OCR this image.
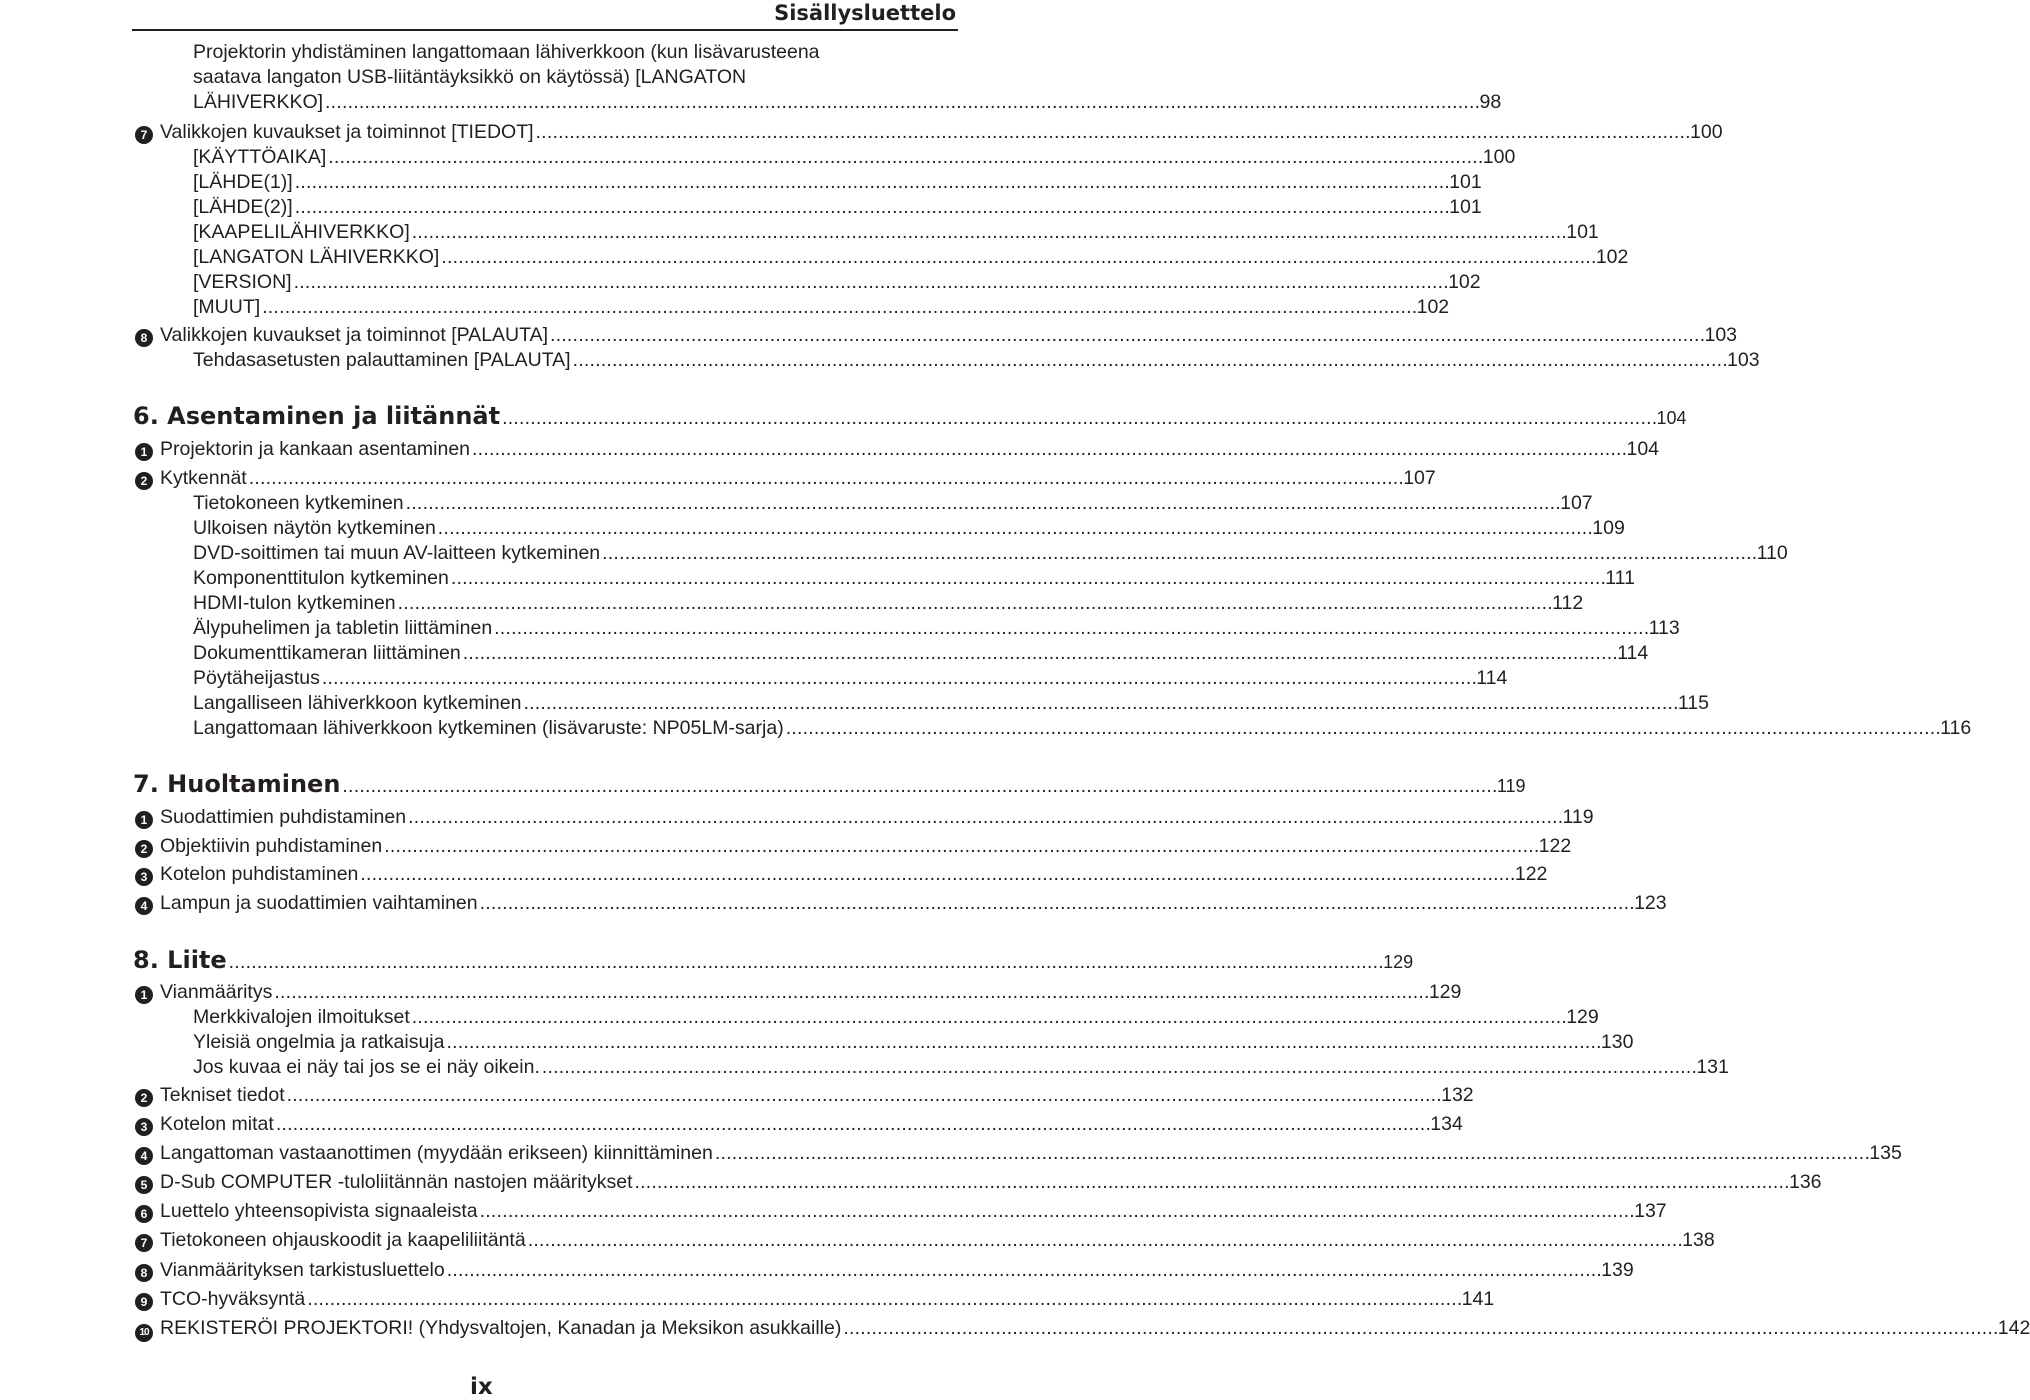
Sisällysluettelo
Projektorin yhdistäminen langattomaan lähiverkkoon (kun lisävarusteena
saatava langaton USB-liitäntäyksikkö on käytössä) [LANGATON
LÄHIVERKKO] . . .	98
7 Valikkojen kuvaukset ja toiminnot [TIEDOT] . . .	100
[KÄYTTÖAIKA] . . .	100
[LÄHDE(1)] . . .	101
[LÄHDE(2)] . . .	101
[KAAPELILÄHIVERKKO] . . .	101
[LANGATON LÄHIVERKKO] . . .	102
[VERSION] . . .	102
[MUUT] . . .	102
8 Valikkojen kuvaukset ja toiminnot [PALAUTA] . . .	103
Tehdasasetusten palauttaminen [PALAUTA] . . .	103
6. Asentaminen ja liitännät . . .	104
1 Projektorin ja kankaan asentaminen . . .	104
2 Kytkennät . . .	107
Tietokoneen kytkeminen . . .	107
Ulkoisen näytön kytkeminen . . .	109
DVD-soittimen tai muun AV-laitteen kytkeminen . . .	110
Komponenttitulon kytkeminen . . .	111
HDMI-tulon kytkeminen . . .	112
Älypuhelimen ja tabletin liittäminen . . .	113
Dokumenttikameran liittäminen . . .	114
Pöytäheijastus . . .	114
Langalliseen lähiverkkoon kytkeminen . . .	115
Langattomaan lähiverkkoon kytkeminen (lisävaruste: NP05LM-sarja) . . .	116
7. Huoltaminen . . .	119
1 Suodattimien puhdistaminen . . .	119
2 Objektiivin puhdistaminen . . .	122
3 Kotelon puhdistaminen . . .	122
4 Lampun ja suodattimien vaihtaminen . . .	123
8. Liite . . .	129
1 Vianmääritys . . .	129
Merkkivalojen ilmoitukset . . .	129
Yleisiä ongelmia ja ratkaisuja . . .	130
Jos kuvaa ei näy tai jos se ei näy oikein. . . .	131
2 Tekniset tiedot . . .	132
3 Kotelon mitat . . .	134
4 Langattoman vastaanottimen (myydään erikseen) kiinnittäminen . . .	135
5 D-Sub COMPUTER -tuloliitännän nastojen määritykset . . .	136
6 Luettelo yhteensopivista signaaleista . . .	137
7 Tietokoneen ohjauskoodit ja kaapeliliitäntä . . .	138
8 Vianmäärityksen tarkistusluettelo . . .	139
9 TCO-hyväksyntä . . .	141
10 REKISTERÖI PROJEKTORI! (Yhdysvaltojen, Kanadan ja Meksikon asukkaille) . . .	142
ix
